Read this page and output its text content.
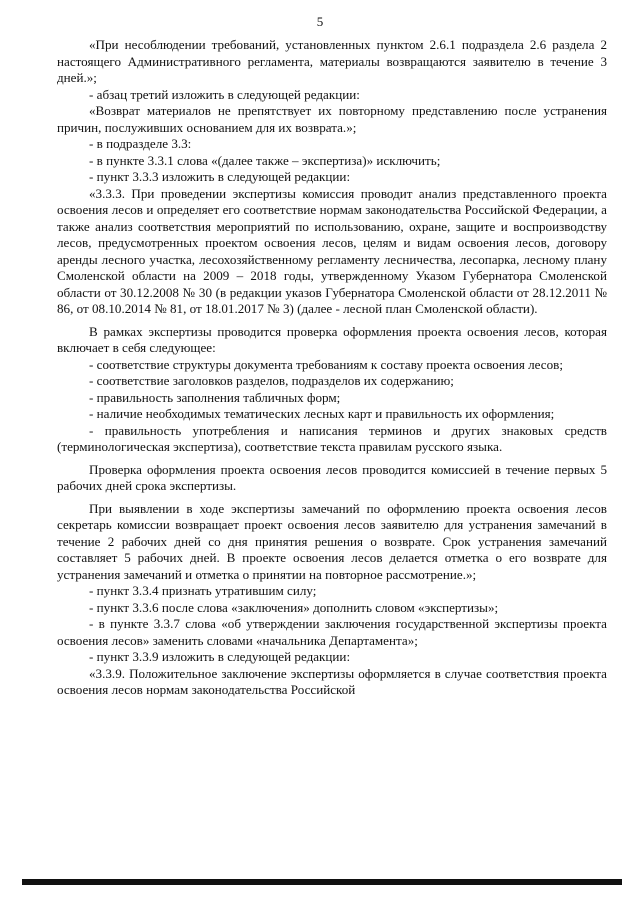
5

«При несоблюдении требований, установленных пунктом 2.6.1 подраздела 2.6 раздела 2 настоящего Административного регламента, материалы возвращаются заявителю в течение 3 дней.»;

- абзац третий изложить в следующей редакции:

«Возврат материалов не препятствует их повторному представлению после устранения причин, послуживших основанием для их возврата.»;

- в подразделе 3.3:

- в пункте 3.3.1 слова «(далее также – экспертиза)» исключить;

- пункт 3.3.3 изложить в следующей редакции:

«3.3.3. При проведении экспертизы комиссия проводит анализ представленного проекта освоения лесов и определяет его соответствие нормам законодательства Российской Федерации, а также анализ соответствия мероприятий по использованию, охране, защите и воспроизводству лесов, предусмотренных проектом освоения лесов, целям и видам освоения лесов, договору аренды лесного участка, лесохозяйственному регламенту лесничества, лесопарка, лесному плану Смоленской области на 2009 – 2018 годы, утвержденному Указом Губернатора Смоленской области от 30.12.2008 № 30 (в редакции указов Губернатора Смоленской области от 28.12.2011 № 86, от 08.10.2014 № 81, от 18.01.2017 № 3) (далее - лесной план Смоленской области).

В рамках экспертизы проводится проверка оформления проекта освоения лесов, которая включает в себя следующее:

- соответствие структуры документа требованиям к составу проекта освоения лесов;

- соответствие заголовков разделов, подразделов их содержанию;

- правильность заполнения табличных форм;

- наличие необходимых тематических лесных карт и правильность их оформления;

- правильность употребления и написания терминов и других знаковых средств (терминологическая экспертиза), соответствие текста правилам русского языка.

Проверка оформления проекта освоения лесов проводится комиссией в течение первых 5 рабочих дней срока экспертизы.

При выявлении в ходе экспертизы замечаний по оформлению проекта освоения лесов секретарь комиссии возвращает проект освоения лесов заявителю для устранения замечаний в течение 2 рабочих дней со дня принятия решения о возврате. Срок устранения замечаний составляет 5 рабочих дней. В проекте освоения лесов делается отметка о его возврате для устранения замечаний и отметка о принятии на повторное рассмотрение.»;

- пункт 3.3.4 признать утратившим силу;

- пункт 3.3.6 после слова «заключения» дополнить словом «экспертизы»;

- в пункте 3.3.7 слова «об утверждении заключения государственной экспертизы проекта освоения лесов» заменить словами «начальника Департамента»;

- пункт 3.3.9 изложить в следующей редакции:

«3.3.9. Положительное заключение экспертизы оформляется в случае соответствия проекта освоения лесов нормам законодательства Российской
